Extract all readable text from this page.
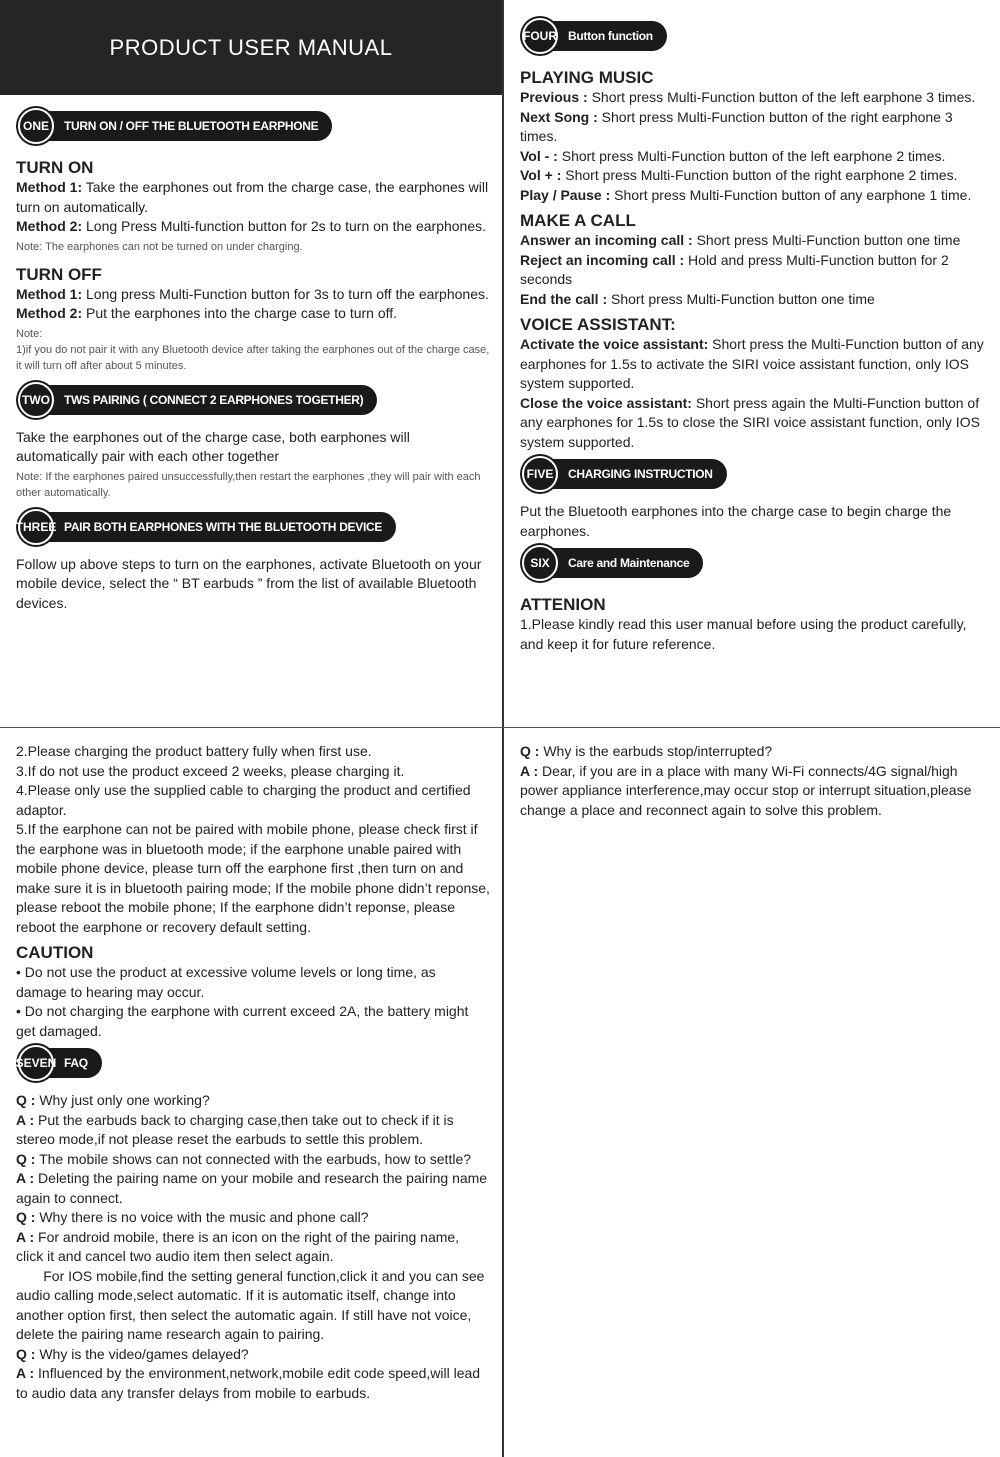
PRODUCT USER MANUAL
ONE	TURN ON / OFF THE BLUETOOTH EARPHONE
TURN ON
Method 1: Take the earphones out from the charge case, the earphones will turn on automatically.
Method 2: Long Press Multi-function button for 2s to turn on the earphones.
Note: The earphones can not be turned on under charging.
TURN OFF
Method 1: Long press Multi-Function button for 3s to turn off the earphones.
Method 2: Put the earphones into the charge case to turn off.
Note:
1)if you do not pair it with any Bluetooth device after taking the earphones out of the charge case, it will turn off after about 5 minutes.
TWO	TWS PAIRING ( CONNECT 2 EARPHONES TOGETHER)
Take the earphones out of the charge case, both earphones will automatically pair with each other together
Note: If the earphones paired unsuccessfully,then restart the earphones ,they will pair with each other automatically.
THREE PAIR BOTH EARPHONES WITH THE BLUETOOTH DEVICE
Follow up above steps to turn on the earphones, activate Bluetooth on your mobile device, select the “ BT earbuds ” from the list of available Bluetooth devices.
FOUR Button function
PLAYING MUSIC
Previous : Short press Multi-Function button of the left earphone 3 times.
Next Song : Short press Multi-Function button of the right earphone 3 times.
Vol - : Short press Multi-Function button of the left earphone 2 times.
Vol + : Short press Multi-Function button of the right earphone 2 times.
Play / Pause : Short press Multi-Function button of any earphone 1 time.
MAKE A CALL
Answer an incoming call : Short press Multi-Function button one time
Reject an incoming call : Hold and press Multi-Function button for 2 seconds
End the call : Short press Multi-Function button one time
VOICE ASSISTANT:
Activate the voice assistant: Short press the Multi-Function button of any earphones for 1.5s to activate the SIRI voice assistant function, only IOS system supported.
Close the voice assistant: Short press again the Multi-Function button of any earphones for 1.5s to close the SIRI voice assistant function, only IOS system supported.
FIVE	CHARGING INSTRUCTION
Put the Bluetooth earphones into the charge case to begin charge the earphones.
SIX	Care and Maintenance
ATTENION
1.Please kindly read this user manual before using the product carefully, and keep it for future reference.
2.Please charging the product battery fully when first use.
3.If do not use the product exceed 2 weeks, please charging it.
4.Please only use the supplied cable to charging the product and certified adaptor.
5.If the earphone can not be paired with mobile phone, please check first if the earphone was in bluetooth mode; if the earphone unable paired with mobile phone device, please turn off the earphone first ,then turn on and make sure it is in bluetooth pairing mode; If the mobile phone didn’t reponse, please reboot the mobile phone; If the earphone didn’t reponse, please reboot the earphone or recovery default setting.
CAUTION
• Do not use the product at excessive volume levels or long time, as damage to hearing may occur.
• Do not charging the earphone with current exceed 2A, the battery might get damaged.
SEVEN FAQ
Q : Why just only one working?
A : Put the earbuds back to charging case,then take out to check if it is stereo mode,if not please reset the earbuds to settle this problem.
Q : The mobile shows can not connected with the earbuds, how to settle?
A : Deleting the pairing name on your mobile and research the pairing name again to connect.
Q : Why there is no voice with the music and phone call?
A : For android mobile, there is an icon on the right of the pairing name, click it and cancel two audio item then select again.
For IOS mobile,find the setting general function,click it and you can see audio calling mode,select automatic. If it is automatic itself, change into another option first, then select the automatic again. If still have not voice, delete the pairing name research again to pairing.
Q : Why is the video/games delayed?
A : Influenced by the environment,network,mobile edit code speed,will lead to audio data any transfer delays from mobile to earbuds.
Q : Why is the earbuds stop/interrupted?
A : Dear, if you are in a place with many Wi-Fi connects/4G signal/high power appliance interference,may occur stop or interrupt situation,please change a place and reconnect again to solve this problem.
